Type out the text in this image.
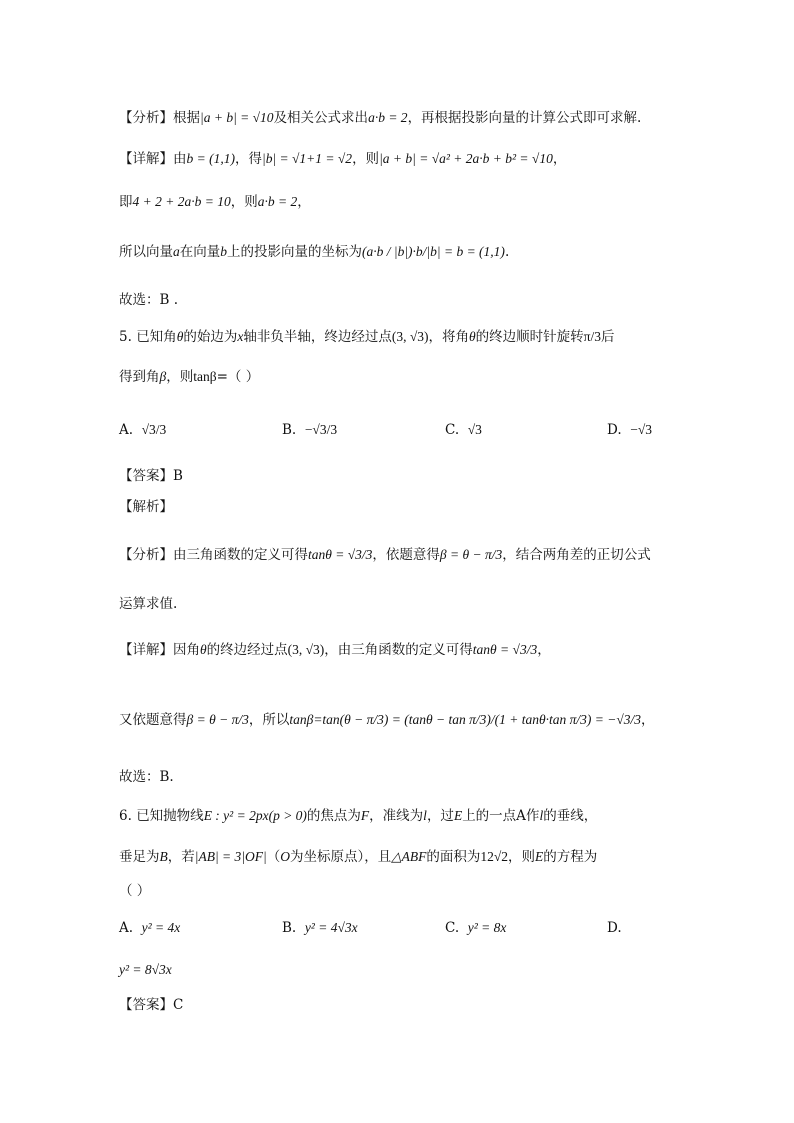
【分析】根据|a + b| = √10及相关公式求出a·b = 2，再根据投影向量的计算公式即可求解.
【详解】由b = (1,1)，得|b| = √1+1 = √2，则|a + b| = √a² + 2a·b + b² = √10，
即4 + 2 + 2a·b = 10，则a·b = 2，
所以向量a在向量b上的投影向量的坐标为(a·b / |b|)·b/|b| = b = (1,1).
故选：B .
5. 已知角θ的始边为x轴非负半轴，终边经过点(3, √3)，将角θ的终边顺时针旋转π/3后
得到角β，则tanβ=（ ）
A. √3/3	B. −√3/3	C. √3	D. −√3
【答案】B
【解析】
【分析】由三角函数的定义可得tanθ = √3/3，依题意得β = θ − π/3，结合两角差的正切公式
运算求值.
【详解】因角θ的终边经过点(3, √3)，由三角函数的定义可得tanθ = √3/3，
又依题意得β = θ − π/3，所以tanβ=tan(θ − π/3) = (tanθ − tan π/3)/(1 + tanθ·tan π/3) = −√3/3，
故选：B.
6. 已知抛物线E : y² = 2px(p > 0)的焦点为F，准线为l，过E上的一点A作l的垂线，
垂足为B，若|AB| = 3|OF|（O为坐标原点），且△ABF的面积为12√2，则E的方程为
（ ）
A. y² = 4x	B. y² = 4√3x	C. y² = 8x	D.
y² = 8√3x
【答案】C
